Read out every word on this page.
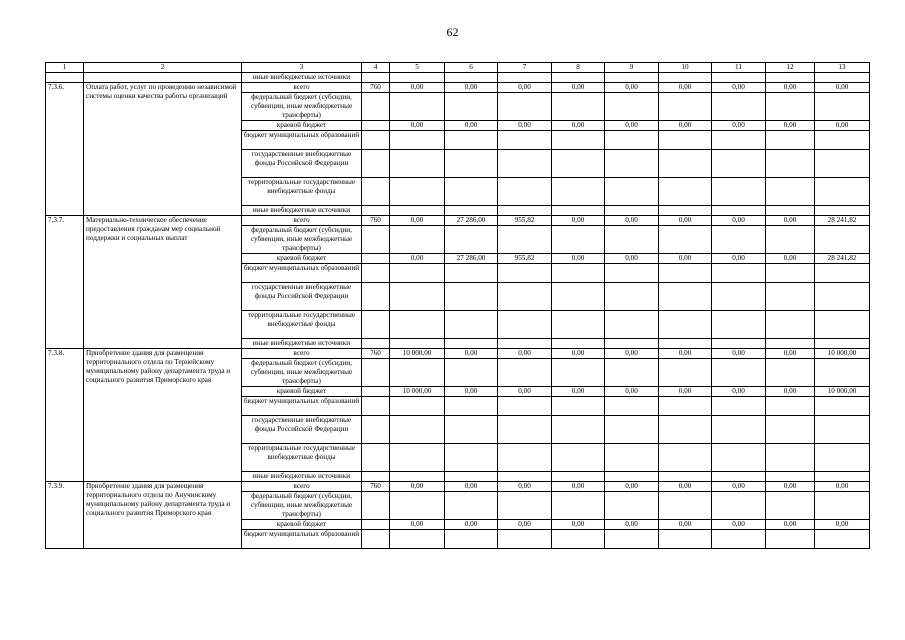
62
1	2	3	4	5	6	7	8	9	10	11	12	13
		иные внебюджетные источники										
7.3.6.	Оплата работ, услуг по проведению независимой системы оценки качества работы организаций	всего	760	0,00	0,00	0,00	0,00	0,00	0,00	0,00	0,00	0,00
		федеральный бюджет (субсидии, субвенции, иные межбюджетные трансферты)										
		краевой бюджет		0,00	0,00	0,00	0,00	0,00	0,00	0,00	0,00	0,00
		бюджет муниципальных образований										
		государственные внебюджетные фонды Российской Федерации										
		территориальные государственные внебюджетные фонды										
		иные внебюджетные источники										
7.3.7.	Материально-техническое обеспечение предоставления гражданам мер социальной поддержки и социальных выплат	всего	760	0,00	27 286,00	955,82	0,00	0,00	0,00	0,00	0,00	28 241,82
		федеральный бюджет (субсидии, субвенции, иные межбюджетные трансферты)										
		краевой бюджет		0,00	27 286,00	955,82	0,00	0,00	0,00	0,00	0,00	28 241,82
		бюджет муниципальных образований										
		государственные внебюджетные фонды Российской Федерации										
		территориальные государственные внебюджетные фонды										
		иные внебюджетные источники										
7.3.8.	Приобретение здания для размещения территориального отдела по Тернейскому муниципальному району департамента труда и социального развития Приморского края	всего	760	10 000,00	0,00	0,00	0,00	0,00	0,00	0,00	0,00	10 000,00
		федеральный бюджет (субсидии, субвенции, иные межбюджетные трансферты)										
		краевой бюджет		10 000,00	0,00	0,00	0,00	0,00	0,00	0,00	0,00	10 000,00
		бюджет муниципальных образований										
		государственные внебюджетные фонды Российской Федерации										
		территориальные государственные внебюджетные фонды										
		иные внебюджетные источники										
7.3.9.	Приобретение здания для размещения территориального отдела по Анучинскому муниципальному району департамента труда и социального развития Приморского края	всего	760	0,00	0,00	0,00	0,00	0,00	0,00	0,00	0,00	0,00
		федеральный бюджет (субсидии, субвенции, иные межбюджетные трансферты)										
		краевой бюджет		0,00	0,00	0,00	0,00	0,00	0,00	0,00	0,00	0,00
		бюджет муниципальных образований										
